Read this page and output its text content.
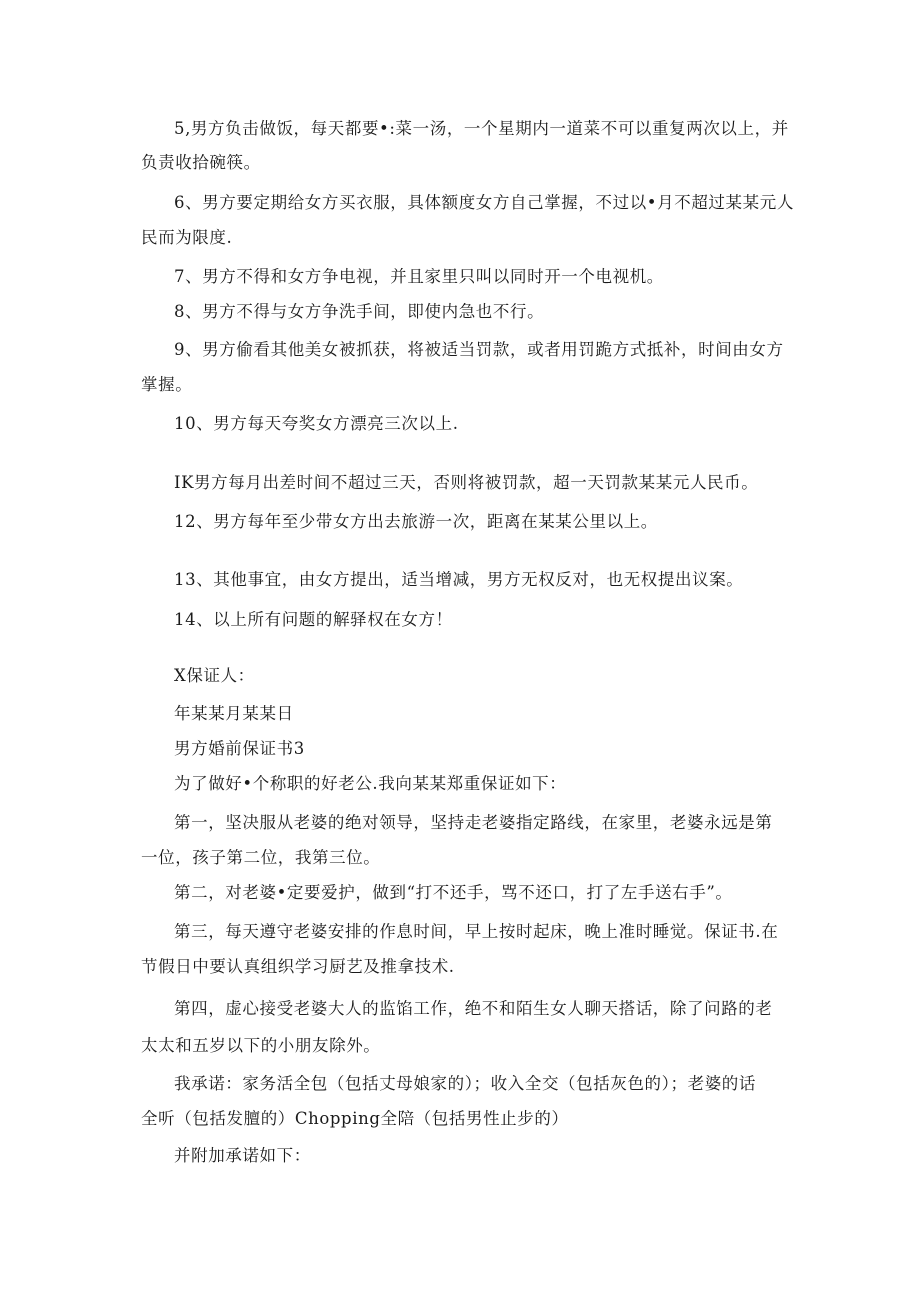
5,男方负击做饭，每天都要•:菜一汤，一个星期内一道菜不可以重复两次以上，并
负责收拾碗筷。
6、男方要定期给女方买衣服，具体额度女方自己掌握，不过以•月不超过某某元人
民而为限度.
7、男方不得和女方争电视，并且家里只叫以同时开一个电视机。
8、男方不得与女方争洗手间，即使内急也不行。
9、男方偷看其他美女被抓获，将被适当罚款，或者用罚跪方式抵补，时间由女方
掌握。
10、男方每天夸奖女方漂亮三次以上.
IK男方每月出差时间不超过三天，否则将被罚款，超一天罚款某某元人民币。
12、男方每年至少带女方出去旅游一次，距离在某某公里以上。
13、其他事宜，由女方提出，适当增减，男方无权反对，也无权提出议案。
14、以上所有问题的解驿权在女方！
X保证人：
年某某月某某日
男方婚前保证书3
为了做好•个称职的好老公.我向某某郑重保证如下：
第一，坚决服从老婆的绝对领导，坚持走老婆指定路线，在家里，老婆永远是第
一位，孩子第二位，我第三位。
第二，对老婆•定要爱护，做到“打不还手，骂不还口，打了左手送右手”。
第三，每天遵守老婆安排的作息时间，早上按时起床，晚上准时睡觉。保证书.在
节假日中要认真组织学习厨艺及推拿技术.
第四，虚心接受老婆大人的监馅工作，绝不和陌生女人聊天搭话，除了问路的老
太太和五岁以下的小朋友除外。
我承诺：家务活全包（包括丈母娘家的）；收入全交（包括灰色的）；老婆的话
全听（包括发膻的）Chopping全陪（包括男性止步的）
并附加承诺如下：
